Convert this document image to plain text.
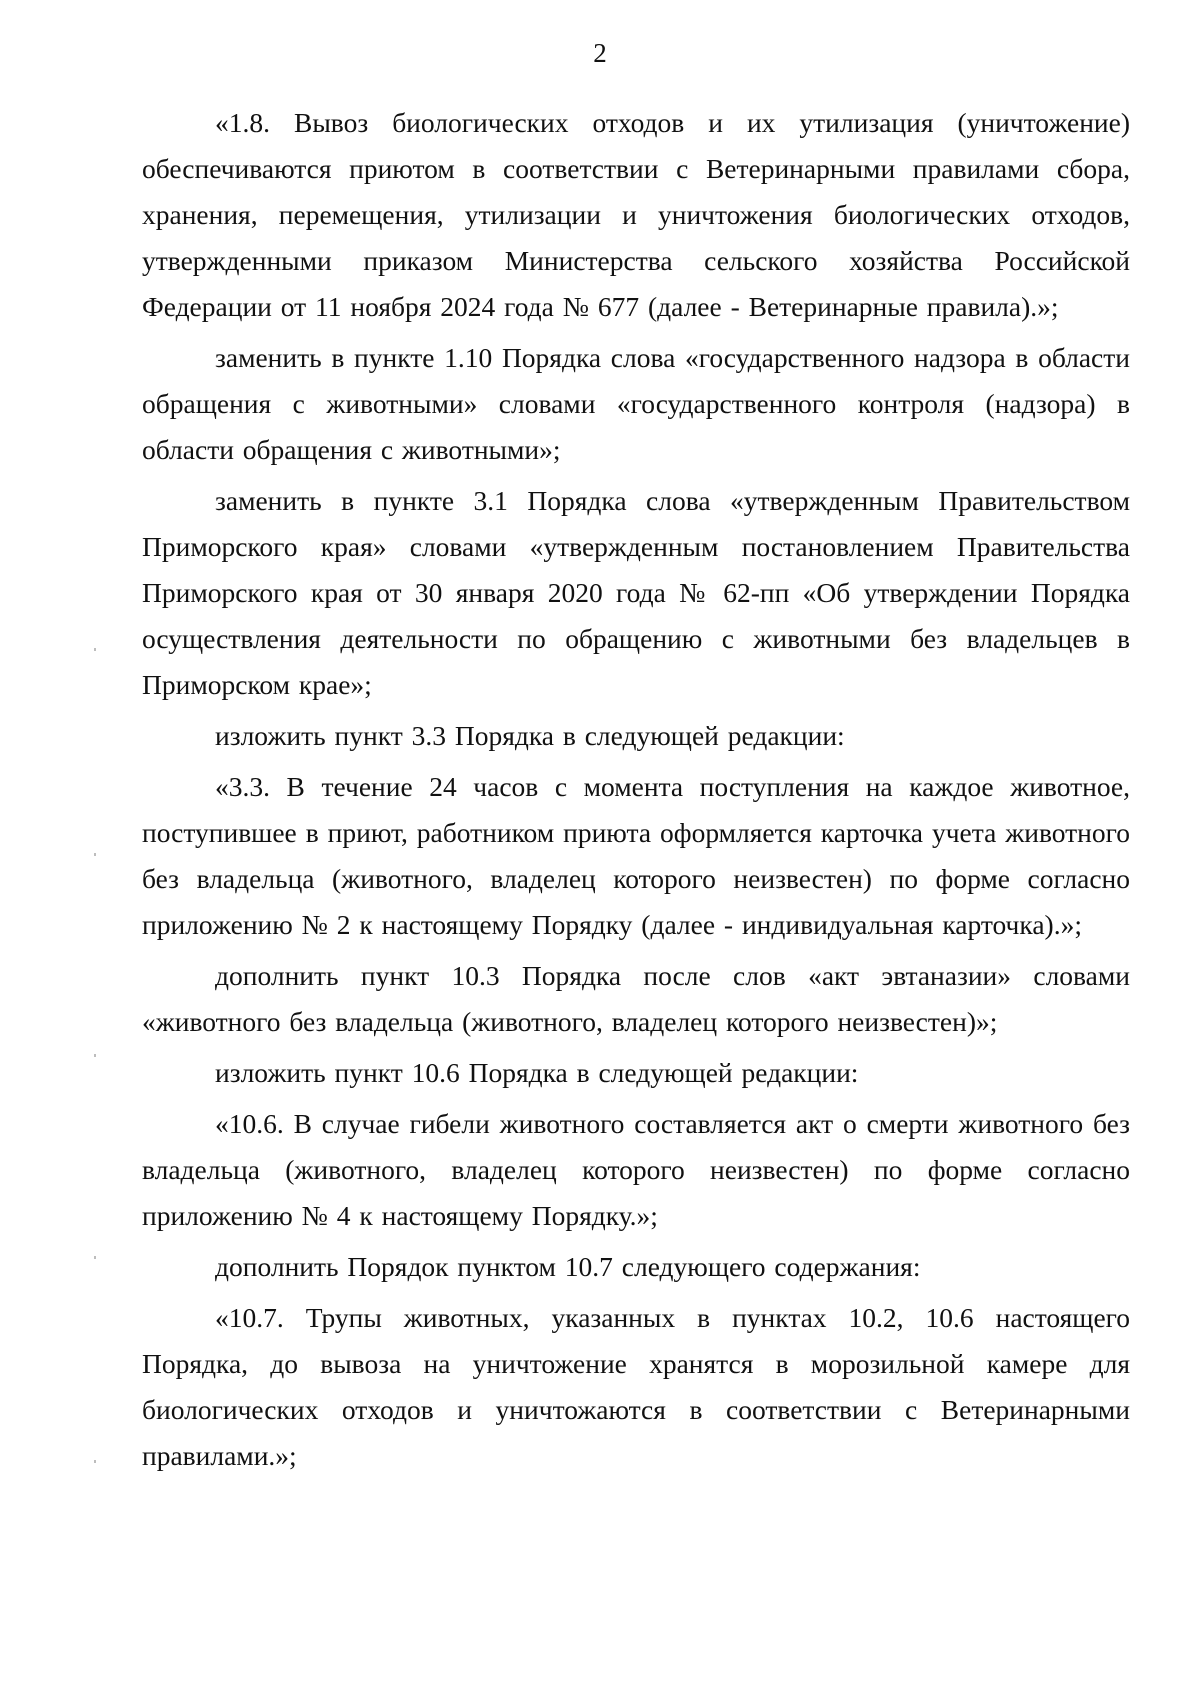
2

«1.8. Вывоз биологических отходов и их утилизация (уничтожение) обеспечиваются приютом в соответствии с Ветеринарными правилами сбора, хранения, перемещения, утилизации и уничтожения биологических отходов, утвержденными приказом Министерства сельского хозяйства Российской Федерации от 11 ноября 2024 года № 677 (далее - Ветеринарные правила).»;

заменить в пункте 1.10 Порядка слова «государственного надзора в области обращения с животными» словами «государственного контроля (надзора) в области обращения с животными»;

заменить в пункте 3.1 Порядка слова «утвержденным Правительством Приморского края» словами «утвержденным постановлением Правительства Приморского края от 30 января 2020 года № 62-пп «Об утверждении Порядка осуществления деятельности по обращению с животными без владельцев в Приморском крае»;

изложить пункт 3.3 Порядка в следующей редакции:

«3.3. В течение 24 часов с момента поступления на каждое животное, поступившее в приют, работником приюта оформляется карточка учета животного без владельца (животного, владелец которого неизвестен) по форме согласно приложению № 2 к настоящему Порядку (далее - индивидуальная карточка).»;

дополнить пункт 10.3 Порядка после слов «акт эвтаназии» словами «животного без владельца (животного, владелец которого неизвестен)»;

изложить пункт 10.6 Порядка в следующей редакции:

«10.6. В случае гибели животного составляется акт о смерти животного без владельца (животного, владелец которого неизвестен) по форме согласно приложению № 4 к настоящему Порядку.»;

дополнить Порядок пунктом 10.7 следующего содержания:

«10.7. Трупы животных, указанных в пунктах 10.2, 10.6 настоящего Порядка, до вывоза на уничтожение хранятся в морозильной камере для биологических отходов и уничтожаются в соответствии с Ветеринарными правилами.»;
